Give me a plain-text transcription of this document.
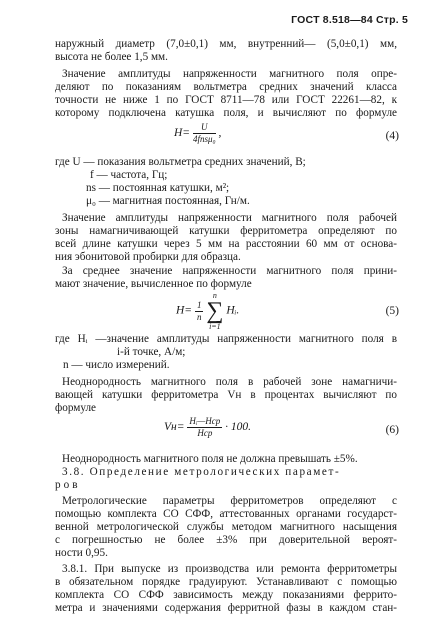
ГОСТ 8.518—84 Стр. 5
наружный диаметр (7,0±0,1) мм, внутренний— (5,0±0,1) мм,
высота не более 1,5 мм.
Значение амплитуды напряженности магнитного поля опре-
деляют по показаниям вольтметра средних значений класса
точности не ниже 1 по ГОСТ 8711—78 или ГОСТ 22261—82, к
которому подключена катушка поля, и вычисляют по формуле
$H= \frac{U}{\text{4fnsμ₀}}$ ,	(4)
где U — показания вольтметра средних значений, В;
f — частота, Гц;
ns — постоянная катушки, м²;
μ₀ — магнитная постоянная, Гн/м.
Значение амплитуды напряженности магнитного поля рабочей
зоны намагничивающей катушки ферритометра определяют по
всей длине катушки через 5 мм на расстоянии 60 мм от основа-
ния эбонитовой пробирки для образца.
За среднее значение напряженности магнитного поля прини-
мают значение, вычисленное по формуле
$H= \frac{1}{n}$

n
∑
i=1
Hᵢ.	(5)
где Hᵢ —значение амплитуды напряженности магнитного поля в
i-й точке, А/м;
n — число измерений.
Неоднородность магнитного поля в рабочей зоне намагничи-
вающей катушки ферритометра Vн в процентах вычисляют по
формуле
$Vн= \frac{\text{Hᵢ—Hср}}{\text{Hср}} \cdot 100$.	(6)
Неоднородность магнитного поля не должна превышать ±5%.
3.8. Определение метрологических парамет-
ров
Метрологические параметры ферритометров определяют с
помощью комплекта СО СФФ, аттестованных органами государст-
венной метрологической службы методом магнитного насыщения
с погрешностью не более ±3% при доверительной вероят-
ности 0,95.
3.8.1. При выпуске из производства или ремонта ферритометры
в обязательном порядке градуируют. Устанавливают с помощью
комплекта СО СФФ зависимость между показаниями феррито-
метра и значениями содержания ферритной фазы в каждом стан-
